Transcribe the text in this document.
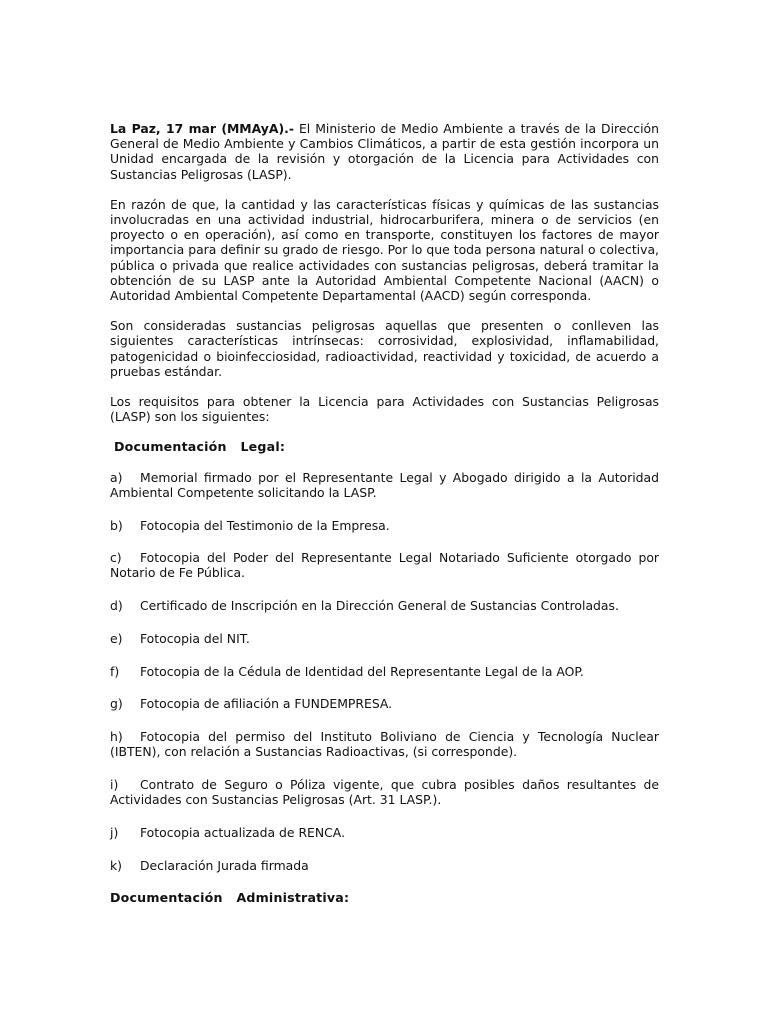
La Paz, 17 mar (MMAyA).- El Ministerio de Medio Ambiente a través de la Dirección General de Medio Ambiente y Cambios Climáticos, a partir de esta gestión incorpora un Unidad encargada de la revisión y otorgación de la Licencia para Actividades con Sustancias Peligrosas (LASP).

En razón de que, la cantidad y las características físicas y químicas de las sustancias involucradas en una actividad industrial, hidrocarburifera, minera o de servicios (en proyecto o en operación), así como en transporte, constituyen los factores de mayor importancia para definir su grado de riesgo. Por lo que toda persona natural o colectiva, pública o privada que realice actividades con sustancias peligrosas, deberá tramitar la obtención de su LASP ante la Autoridad Ambiental Competente Nacional (AACN) o Autoridad Ambiental Competente Departamental (AACD) según corresponda.

Son consideradas sustancias peligrosas aquellas que presenten o conlleven las siguientes características intrínsecas: corrosividad, explosividad, inflamabilidad, patogenicidad o bioinfecciosidad, radioactividad, reactividad y toxicidad, de acuerdo a pruebas estándar.

Los requisitos para obtener la Licencia para Actividades con Sustancias Peligrosas (LASP) son los siguientes:

Documentación   Legal:

a) Memorial firmado por el Representante Legal y Abogado dirigido a la Autoridad Ambiental Competente solicitando la LASP.

b) Fotocopia del Testimonio de la Empresa.

c) Fotocopia del Poder del Representante Legal Notariado Suficiente otorgado por Notario de Fe Pública.

d) Certificado de Inscripción en la Dirección General de Sustancias Controladas.

e) Fotocopia del NIT.

f) Fotocopia de la Cédula de Identidad del Representante Legal de la AOP.

g) Fotocopia de afiliación a FUNDEMPRESA.

h) Fotocopia del permiso del Instituto Boliviano de Ciencia y Tecnología Nuclear (IBTEN), con relación a Sustancias Radioactivas, (si corresponde).

i) Contrato de Seguro o Póliza vigente, que cubra posibles daños resultantes de Actividades con Sustancias Peligrosas (Art. 31 LASP.).

j) Fotocopia actualizada de RENCA.

k) Declaración Jurada firmada

Documentación   Administrativa:
